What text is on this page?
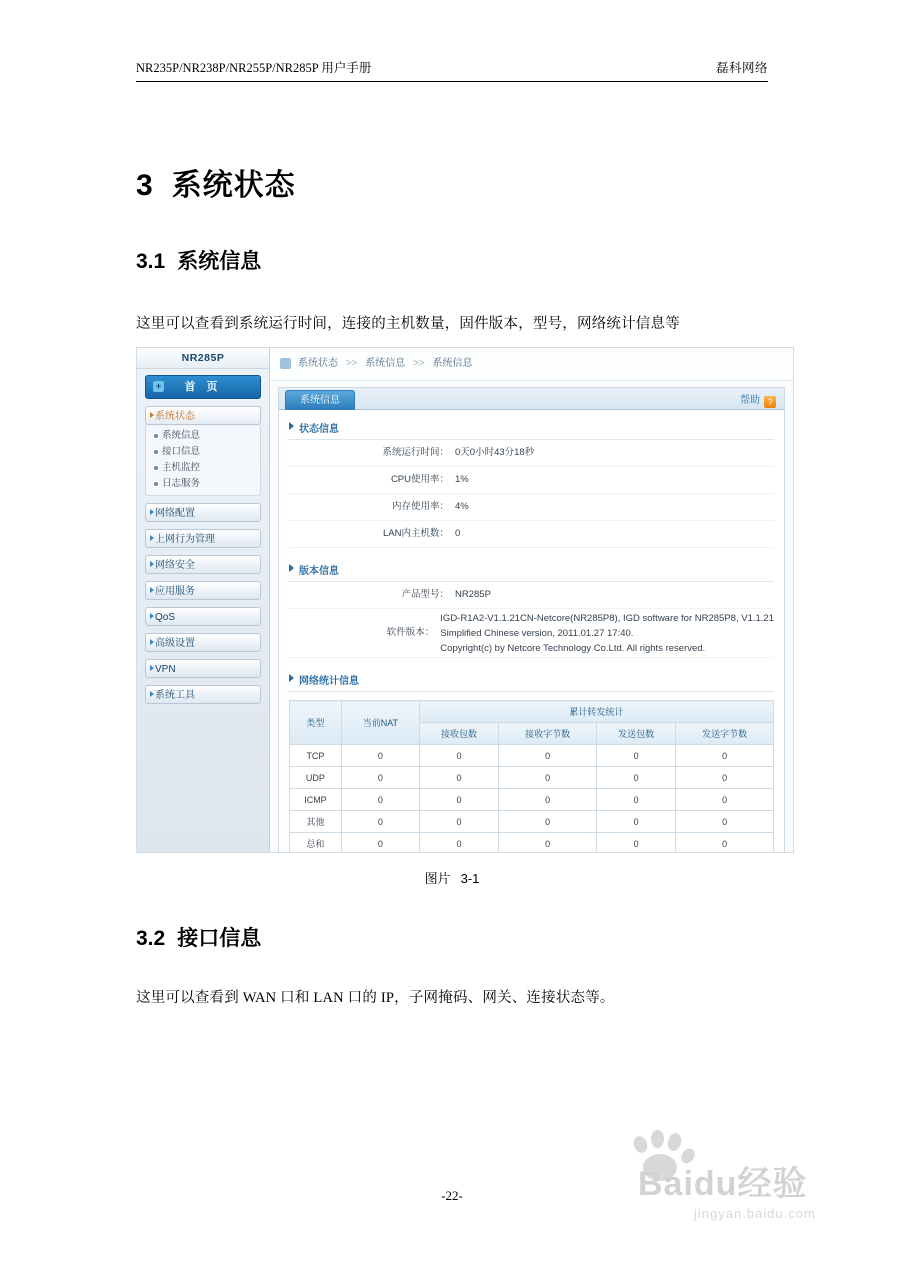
NR235P/NR238P/NR255P/NR285P 用户手册	磊科网络
3 系统状态
3.1 系统信息

这里可以查看到系统运行时间，连接的主机数量，固件版本，型号，网络统计信息等

NR285P
+ 首 页
系统状态
系统信息
接口信息
主机监控
日志服务
网络配置
上网行为管理
网络安全
应用服务
QoS
高级设置
VPN
系统工具
系统状态 >> 系统信息 >> 系统信息
系统信息	帮助 ?
状态信息
系统运行时间： 0天0小时43分18秒
CPU使用率： 1%
内存使用率： 4%
LAN内主机数： 0
版本信息
产品型号： NR285P
软件版本：
IGD-R1A2-V1.1.21CN-Netcore(NR285P8), IGD software for NR285P8, V1.1.21
Simplified Chinese version, 2011.01.27 17:40.
Copyright(c) by Netcore Technology Co.Ltd. All rights reserved.
网络统计信息
类型	当前NAT	累计转发统计			
		接收包数	接收字节数	发送包数	发送字节数
TCP	0	0	0	0	0
UDP	0	0	0	0	0
ICMP	0	0	0	0	0
其他	0	0	0	0	0
总和	0	0	0	0	0
图片 3-1
3.2 接口信息

这里可以查看到 WAN 口和 LAN 口的 IP，子网掩码、网关、连接状态等。

-22-	Baidu经验
jingyan.baidu.com
